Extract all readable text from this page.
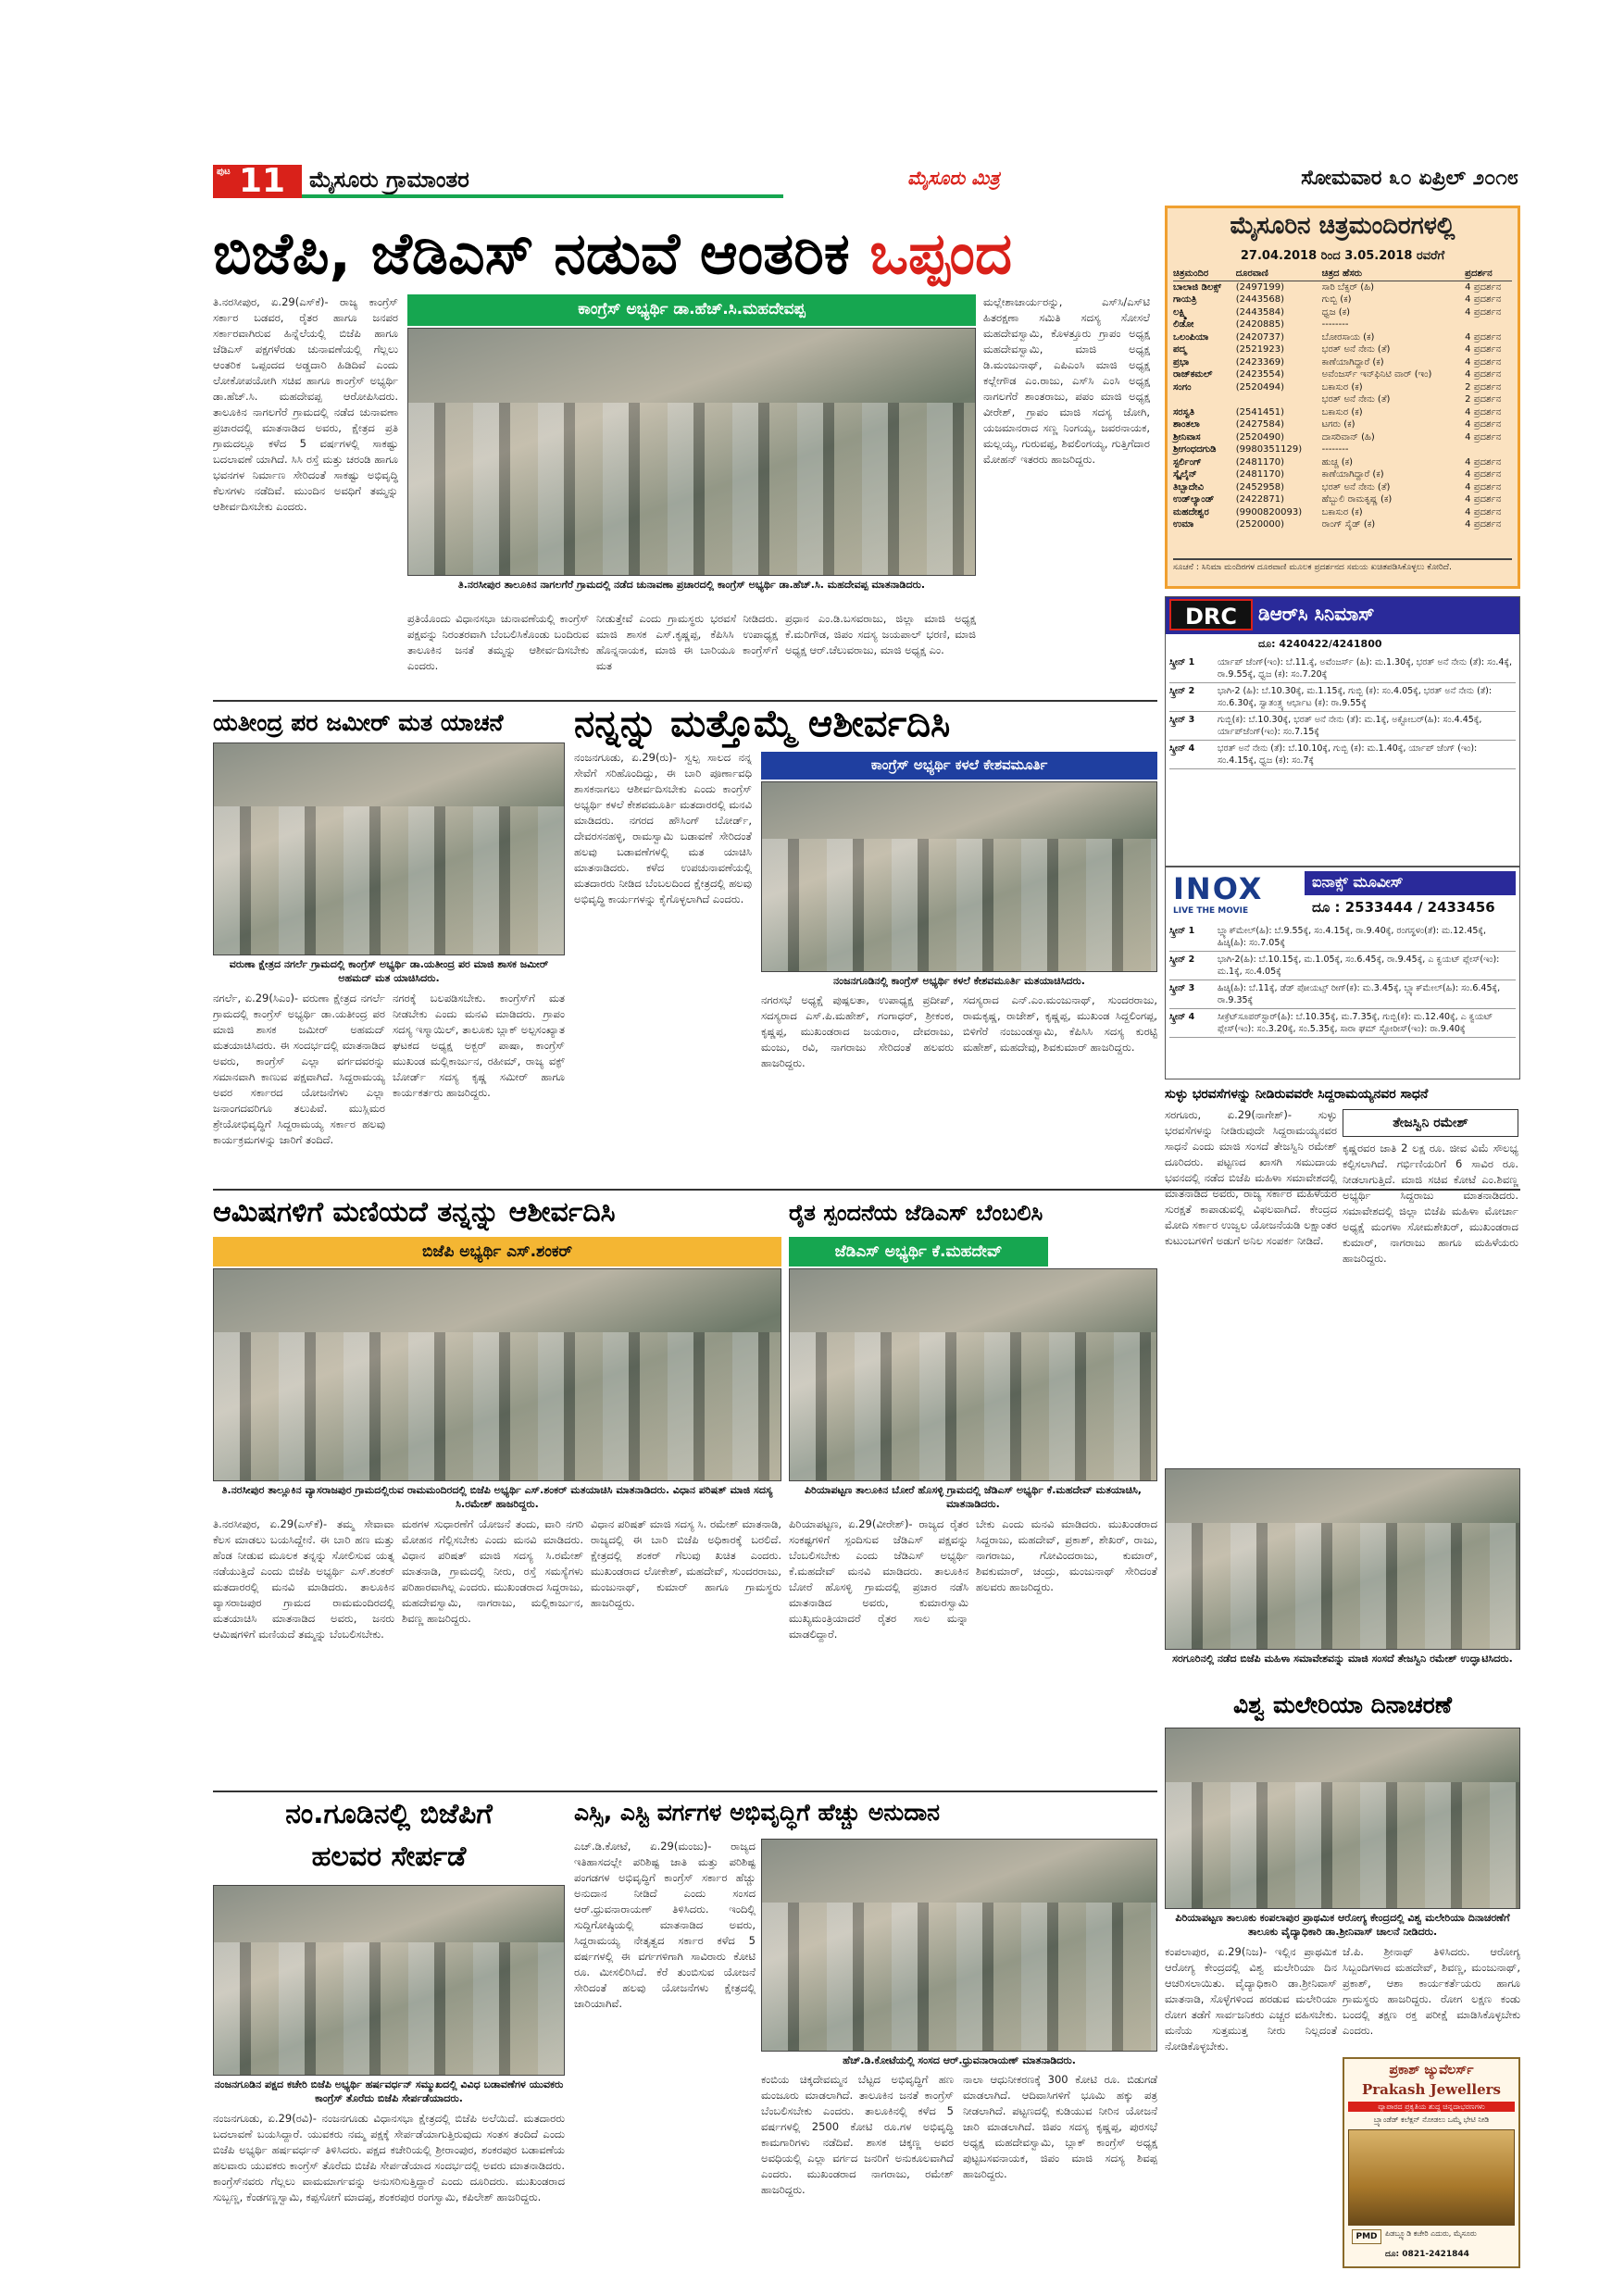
ಪುಟ 11 ಮೈಸೂರು ಗ್ರಾಮಾಂತರ	ಮೈಸೂರು ಮಿತ್ರ	ಸೋಮವಾರ ೩೦ ಏಪ್ರಿಲ್ ೨೦೧೮
ಬಿಜೆಪಿ, ಜೆಡಿಎಸ್ ನಡುವೆ ಆಂತರಿಕ ಒಪ್ಪಂದ
ತಿ.ನರಸೀಪುರ, ಏ.29(ಎಸ್‌ಕೆ)- ರಾಜ್ಯ ಕಾಂಗ್ರೆಸ್ ಸರ್ಕಾರ ಬಡವರ, ರೈತರ ಹಾಗೂ ಜನಪರ ಸರ್ಕಾರವಾಗಿರುವ ಹಿನ್ನೆಲೆಯಲ್ಲಿ ಬಿಜೆಪಿ ಹಾಗೂ ಜೆಡಿಎಸ್ ಪಕ್ಷಗಳೆರಡು ಚುನಾವಣೆಯಲ್ಲಿ ಗೆಲ್ಲಲು ಆಂತರಿಕ ಒಪ್ಪಂದದ ಅಡ್ಡದಾರಿ ಹಿಡಿದಿವೆ ಎಂದು ಲೋಕೋಪಯೋಗಿ ಸಚಿವ ಹಾಗೂ ಕಾಂಗ್ರೆಸ್ ಅಭ್ಯರ್ಥಿ ಡಾ.ಹೆಚ್.ಸಿ. ಮಹದೇವಪ್ಪ ಆರೋಪಿಸಿದರು. ತಾಲೂಕಿನ ನಾಗಲಗೆರೆ ಗ್ರಾಮದಲ್ಲಿ ನಡೆದ ಚುನಾವಣಾ ಪ್ರಚಾರದಲ್ಲಿ ಮಾತನಾಡಿದ ಅವರು, ಕ್ಷೇತ್ರದ ಪ್ರತಿ ಗ್ರಾಮದಲ್ಲೂ ಕಳೆದ 5 ವರ್ಷಗಳಲ್ಲಿ ಸಾಕಷ್ಟು ಬದಲಾವಣೆ ಯಾಗಿದೆ. ಸಿಸಿ ರಸ್ತೆ ಮತ್ತು ಚರಂಡಿ ಹಾಗೂ ಭವನಗಳ ನಿರ್ಮಾಣ ಸೇರಿದಂತೆ ಸಾಕಷ್ಟು ಅಭಿವೃದ್ಧಿ ಕೆಲಸಗಳು ನಡೆದಿವೆ. ಮುಂದಿನ ಅವಧಿಗೆ ತಮ್ಮನ್ನು ಆಶೀರ್ವದಿಸಬೇಕು ಎಂದರು.
ಕಾಂಗ್ರೆಸ್ ಅಭ್ಯರ್ಥಿ ಡಾ.ಹೆಚ್.ಸಿ.ಮಹದೇವಪ್ಪ
ತಿ.ನರಸೀಪುರ ತಾಲೂಕಿನ ನಾಗಲಗೆರೆ ಗ್ರಾಮದಲ್ಲಿ ನಡೆದ ಚುನಾವಣಾ ಪ್ರಚಾರದಲ್ಲಿ ಕಾಂಗ್ರೆಸ್ ಅಭ್ಯರ್ಥಿ ಡಾ.ಹೆಚ್.ಸಿ. ಮಹದೇವಪ್ಪ ಮಾತನಾಡಿದರು.
ಮಲ್ಲೇಶಾಚಾರ್ಯರನ್ನು, ಎಸ್‌ಸಿ/ಎಸ್‌ಟಿ ಹಿತರಕ್ಷಣಾ ಸಮಿತಿ ಸದಸ್ಯ ಸೋಸಲೆ ಮಹದೇವಸ್ವಾಮಿ, ಕೊಳತ್ತೂರು ಗ್ರಾಪಂ ಅಧ್ಯಕ್ಷ ಮಹದೇವಸ್ವಾಮಿ, ಮಾಜಿ ಅಧ್ಯಕ್ಷ ಡಿ.ಮಂಜುನಾಥ್, ಎಪಿಎಂಸಿ ಮಾಜಿ ಅಧ್ಯಕ್ಷ ಕಲ್ಲೇಗೌಡ ಎಂ.ರಾಜು, ಎಸ್‌ಸಿ ಎಂಸಿ ಅಧ್ಯಕ್ಷ ನಾಗಲಗೆರೆ ಶಾಂತರಾಜು, ಪಪಂ ಮಾಜಿ ಅಧ್ಯಕ್ಷ ವೀರೇಶ್, ಗ್ರಾಪಂ ಮಾಜಿ ಸದಸ್ಯ ಜೋಗಿ, ಯಜಮಾನರಾದ ಸಣ್ಣ ನಿಂಗಯ್ಯ, ಜವರನಾಯಕ, ಮಲ್ಲಯ್ಯ, ಗುರುವಪ್ಪ, ಶಿವಲಿಂಗಯ್ಯ, ಗುತ್ತಿಗೆದಾರ ಮೋಹನ್ ಇತರರು ಹಾಜರಿದ್ದರು.
ಪ್ರತಿಯೊಂದು ವಿಧಾನಸಭಾ ಚುನಾವಣೆಯಲ್ಲಿ ಕಾಂಗ್ರೆಸ್ ಪಕ್ಷವನ್ನು ನಿರಂತರವಾಗಿ ಬೆಂಬಲಿಸಿಕೊಂಡು ಬಂದಿರುವ ತಾಲೂಕಿನ ಜನತೆ ತಮ್ಮನ್ನು ಆಶೀರ್ವದಿಸಬೇಕು ಎಂದರು.
ನೀಡುತ್ತೇವೆ ಎಂದು ಗ್ರಾಮಸ್ಥರು ಭರವಸೆ ನೀಡಿದರು. ಮಾಜಿ ಶಾಸಕ ಎಸ್.ಕೃಷ್ಣಪ್ಪ, ಕೆಪಿಸಿಸಿ ಉಪಾಧ್ಯಕ್ಷ ಹೊನ್ನನಾಯಕ, ಮಾಜಿ ಈ ಬಾರಿಯೂ ಕಾಂಗ್ರೆಸ್‌ಗೆ ಮತ
ಪ್ರಧಾನ ಎಂ.ಡಿ.ಬಸವರಾಜು, ಜಿಲ್ಲಾ ಮಾಜಿ ಅಧ್ಯಕ್ಷ ಕೆ.ಮರಿಗೌಡ, ಜಿಪಂ ಸದಸ್ಯ ಜಯಪಾಲ್ ಭರಣಿ, ಮಾಜಿ ಅಧ್ಯಕ್ಷ ಆರ್.ಚೆಲುವರಾಜು, ಮಾಜಿ ಅಧ್ಯಕ್ಷ ಎಂ.
ಮೈಸೂರಿನ ಚಿತ್ರಮಂದಿರಗಳಲ್ಲಿ
27.04.2018 ರಿಂದ 3.05.2018 ರವರೆಗೆ
ಚಿತ್ರಮಂದಿರ	ದೂರವಾಣಿ	ಚಿತ್ರದ ಹೆಸರು	ಪ್ರದರ್ಶನ
ಬಾಲಾಜಿ ಡಿಲಕ್ಸ್	(2497199)	ಸಾರಿ ಬೆಕ್ಸರ್ (ಹಿ)	4 ಪ್ರದರ್ಶನ
ಗಾಯತ್ರಿ	(2443568)	ಗುಬ್ಬಿ (ಕ)	4 ಪ್ರದರ್ಶನ
ಲಕ್ಷ್ಮಿ	(2443584)	ಧ್ವಜ (ಕ)	4 ಪ್ರದರ್ಶನ
ಲಿಡೋ	(2420885)	--------	
ಒಲಂಪಿಯಾ	(2420737)	ಬೋರಸಾಯ (ಕ)	4 ಪ್ರದರ್ಶನ
ಪದ್ಮ	(2521923)	ಭರತ್ ಅನೆ ನೇನು (ತೆ)	4 ಪ್ರದರ್ಶನ
ಪ್ರಭಾ	(2423369)	ಕಾಣೆಯಾಗಿದ್ದಾರೆ (ಕ)	4 ಪ್ರದರ್ಶನ
ರಾಜ್‌ಕಮಲ್	(2423554)	ಅವೆಂಜರ್ಸ್ ಇನ್‌ಫಿನಿಟಿ ವಾರ್ (ಇಂ)	4 ಪ್ರದರ್ಶನ
ಸಂಗಂ	(2520494)	ಬಕಾಸುರ (ಕ)	2 ಪ್ರದರ್ಶನ
		ಭರತ್ ಅನೆ ನೇನು (ತೆ)	2 ಪ್ರದರ್ಶನ
ಸರಸ್ವತಿ	(2541451)	ಬಕಾಸುರ (ಕ)	4 ಪ್ರದರ್ಶನ
ಶಾಂತಲಾ	(2427584)	ಟಗರು (ಕ)	4 ಪ್ರದರ್ಶನ
ಶ್ರೀನಿವಾಸ	(2520490)	ದಾಸರಿವಾನ್ (ಹಿ)	4 ಪ್ರದರ್ಶನ
ಶ್ರೀಗಂಧದಗುಡಿ	(9980351129)	--------	
ಸ್ಟರ್ಲಿಂಗ್	(2481170)	ಹುಚ್ಚ (ಕ)	4 ಪ್ರದರ್ಶನ
ಸ್ಕೈಲೈನ್	(2481170)	ಕಾಣೆಯಾಗಿದ್ದಾರೆ (ಕ)	4 ಪ್ರದರ್ಶನ
ತಿಬ್ಬಾದೇವಿ	(2452958)	ಭರತ್ ಅನೆ ನೇನು (ತೆ)	4 ಪ್ರದರ್ಶನ
ಉಡ್‌ಲ್ಯಾಂಡ್	(2422871)	ಹೆಬ್ಬುಲಿ ರಾಮಕೃಷ್ಣ (ಕ)	4 ಪ್ರದರ್ಶನ
ಮಹದೇಶ್ವರ	(9900820093)	ಬಕಾಸುರ (ಕ)	4 ಪ್ರದರ್ಶನ
ಉಮಾ	(2520000)	ರಾಂಗ್ ಸೈಡ್ (ಕ)	4 ಪ್ರದರ್ಶನ
ಸೂಚನೆ : ಸಿನಿಮಾ ಮಂದಿರಗಳ ದೂರವಾಣಿ ಮೂಲಕ ಪ್ರದರ್ಶನದ ಸಮಯ ಖಚಿತಪಡಿಸಿಕೊಳ್ಳಲು ಕೋರಿದೆ.
DRC	ಡಿಆರ್‌ಸಿ ಸಿನಿಮಾಸ್
ದೂ: 4240422/4241800
ಸ್ಕ್ರೀನ್ 1	ರ್ಯಾಪ್ ಜೆಂಗ್(ಇಂ): ಬೆ.11.ಕ್ಕೆ, ಅವೆಂಜರ್ಸ್ (ಹಿ): ಮ.1.30ಕ್ಕೆ, ಭರತ್ ಅನೆ ನೇನು (ತೆ): ಸಂ.4ಕ್ಕೆ, ರಾ.9.55ಕ್ಕೆ, ಧ್ವಜ (ಕ): ಸಂ.7.20ಕ್ಕೆ
ಸ್ಕ್ರೀನ್ 2	ಭಾಗಿ-2 (ಹಿ): ಬೆ.10.30ಕ್ಕೆ, ಮ.1.15ಕ್ಕೆ, ಗುಬ್ಬಿ (ಕ): ಸಂ.4.05ಕ್ಕೆ, ಭರತ್ ಅನೆ ನೇನು (ತೆ): ಸಂ.6.30ಕ್ಕೆ, ಸ್ವಾತಂತ್ರ್ಯ ಆರ್ಭಾಟ (ಕ): ರಾ.9.55ಕ್ಕೆ
ಸ್ಕ್ರೀನ್ 3	ಗುಬ್ಬಿ(ಕ): ಬೆ.10.30ಕ್ಕೆ, ಭರತ್ ಅನೆ ನೇನು (ತೆ): ಮ.1ಕ್ಕೆ, ಅಕ್ಟೋಬರ್(ಹಿ): ಸಂ.4.45ಕ್ಕೆ, ರ್ಯಾಪ್‌ಜೆಂಗ್(ಇಂ): ಸಂ.7.15ಕ್ಕೆ
ಸ್ಕ್ರೀನ್ 4	ಭರತ್ ಅನೆ ನೇನು (ತೆ): ಬೆ.10.10ಕ್ಕೆ, ಗುಬ್ಬಿ (ಕ): ಮ.1.40ಕ್ಕೆ, ರ್ಯಾಪ್ ಜೆಂಗ್ (ಇಂ): ಸಂ.4.15ಕ್ಕೆ, ಧ್ವಜ (ಕ): ಸಂ.7ಕ್ಕೆ
INOX
LIVE THE MOVIE
ಐನಾಕ್ಸ್ ಮೂವೀಸ್
ದೂ : 2533444 / 2433456
ಸ್ಕ್ರೀನ್ 1	ಬ್ಲ್ಯಾಕ್‌ಮೇಲ್(ಹಿ): ಬೆ.9.55ಕ್ಕೆ, ಸಂ.4.15ಕ್ಕೆ, ರಾ.9.40ಕ್ಕೆ, ರಂಗಸ್ಥಳಂ(ತೆ): ಮ.12.45ಕ್ಕೆ, ಹಿಚ್ಕಿ(ಹಿ): ಸಂ.7.05ಕ್ಕೆ
ಸ್ಕ್ರೀನ್ 2	ಭಾಗಿ-2(ಹಿ): ಬೆ.10.15ಕ್ಕೆ, ಮ.1.05ಕ್ಕೆ, ಸಂ.6.45ಕ್ಕೆ, ರಾ.9.45ಕ್ಕೆ, ಎ ಕ್ವಯಟ್ ಪ್ಲೇಸ್(ಇಂ): ಮ.1ಕ್ಕೆ, ಸಂ.4.05ಕ್ಕೆ
ಸ್ಕ್ರೀನ್ 3	ಹಿಚ್ಕಿ(ಹಿ): ಬೆ.11ಕ್ಕೆ, ಡೆಡ್ ಪೋಯಟ್ಸ್ ರೀಗ್(ಕ): ಮ.3.45ಕ್ಕೆ, ಬ್ಲ್ಯಾಕ್‌ಮೇಲ್(ಹಿ): ಸಂ.6.45ಕ್ಕೆ, ರಾ.9.35ಕ್ಕೆ
ಸ್ಕ್ರೀನ್ 4	ಸೀಕ್ರೆಟ್‌ಸೂಪರ್‌ಸ್ಟಾರ್(ಹಿ): ಬೆ.10.35ಕ್ಕೆ, ಮ.7.35ಕ್ಕೆ, ಗುಬ್ಬಿ(ಕ): ಮ.12.40ಕ್ಕೆ, ಎ ಕ್ವಯಟ್ ಪ್ಲೇಸ್(ಇಂ): ಸಂ.3.20ಕ್ಕೆ, ಸಂ.5.35ಕ್ಕೆ, ಸಾರಾ ಘಮ್ ಸ್ಟೋರೀಸ್(ಇಂ): ರಾ.9.40ಕ್ಕೆ
ಯತೀಂದ್ರ ಪರ ಜಮೀರ್ ಮತ ಯಾಚನೆ
ವರುಣಾ ಕ್ಷೇತ್ರದ ನಗರ್ಲೆ ಗ್ರಾಮದಲ್ಲಿ ಕಾಂಗ್ರೆಸ್ ಅಭ್ಯರ್ಥಿ ಡಾ.ಯತೀಂದ್ರ ಪರ ಮಾಜಿ ಶಾಸಕ ಜಮೀರ್ ಅಹಮದ್ ಮತ ಯಾಚಿಸಿದರು.
ನಗರ್ಲೆ, ಏ.29(ಸಿಎಂ)- ವರುಣಾ ಕ್ಷೇತ್ರದ ನಗರ್ಲೆ ಗ್ರಾಮದಲ್ಲಿ ಕಾಂಗ್ರೆಸ್ ಅಭ್ಯರ್ಥಿ ಡಾ.ಯತೀಂದ್ರ ಪರ ಮಾಜಿ ಶಾಸಕ ಜಮೀರ್ ಅಹಮದ್ ಮತಯಾಚಿಸಿದರು. ಈ ಸಂದರ್ಭದಲ್ಲಿ ಮಾತನಾಡಿದ ಅವರು, ಕಾಂಗ್ರೆಸ್ ಎಲ್ಲಾ ವರ್ಗದವರನ್ನು ಸಮಾನವಾಗಿ ಕಾಣುವ ಪಕ್ಷವಾಗಿದೆ. ಸಿದ್ದರಾಮಯ್ಯ ಅವರ ಸರ್ಕಾರದ ಯೋಜನೆಗಳು ಎಲ್ಲಾ ಜನಾಂಗದವರಿಗೂ ತಲುಪಿವೆ. ಮುಸ್ಲಿಮರ ಶ್ರೇಯೋಭಿವೃದ್ಧಿಗೆ ಸಿದ್ದರಾಮಯ್ಯ ಸರ್ಕಾರ ಹಲವು ಕಾರ್ಯಕ್ರಮಗಳನ್ನು ಜಾರಿಗೆ ತಂದಿದೆ.
ನಗರಕ್ಕೆ ಬಲಪಡಿಸಬೇಕು. ಕಾಂಗ್ರೆಸ್‌ಗೆ ಮತ ನೀಡಬೇಕು ಎಂದು ಮನವಿ ಮಾಡಿದರು. ಗ್ರಾಪಂ ಸದಸ್ಯ ಇಸ್ಮಾಯಿಲ್, ತಾಲೂಕು ಬ್ಲಾಕ್ ಅಲ್ಪಸಂಖ್ಯಾತ ಘಟಕದ ಅಧ್ಯಕ್ಷ ಅಕ್ಬರ್ ಪಾಷಾ, ಕಾಂಗ್ರೆಸ್ ಮುಖಂಡ ಮಲ್ಲಿಕಾರ್ಜುನ, ರಹೀಮ್, ರಾಜ್ಯ ವಕ್ಫ್ ಬೋರ್ಡ್ ಸದಸ್ಯ ಕೃಷ್ಣ ಸಮೀರ್ ಹಾಗೂ ಕಾರ್ಯಕರ್ತರು ಹಾಜರಿದ್ದರು.
ನನ್ನನ್ನು ಮತ್ತೊಮ್ಮೆ ಆಶೀರ್ವದಿಸಿ
ನಂಜನಗೂಡು, ಏ.29(ರು)- ಸ್ವಲ್ಪ ಸಾಲದ ನನ್ನ ಸೇವೆಗೆ ಸರಿಹೊಂದಿದ್ದು, ಈ ಬಾರಿ ಪೂರ್ಣಾವಧಿ ಶಾಸಕನಾಗಲು ಆಶೀರ್ವದಿಸಬೇಕು ಎಂದು ಕಾಂಗ್ರೆಸ್ ಅಭ್ಯರ್ಥಿ ಕಳಲೆ ಕೇಶವಮೂರ್ತಿ ಮತದಾರರಲ್ಲಿ ಮನವಿ ಮಾಡಿದರು. ನಗರದ ಹೌಸಿಂಗ್ ಬೋರ್ಡ್, ದೇವರಸನಹಳ್ಳಿ, ರಾಮಸ್ವಾಮಿ ಬಡಾವಣೆ ಸೇರಿದಂತೆ ಹಲವು ಬಡಾವಣೆಗಳಲ್ಲಿ ಮತ ಯಾಚಿಸಿ ಮಾತನಾಡಿದರು. ಕಳೆದ ಉಪಚುನಾವಣೆಯಲ್ಲಿ ಮತದಾರರು ನೀಡಿದ ಬೆಂಬಲದಿಂದ ಕ್ಷೇತ್ರದಲ್ಲಿ ಹಲವು ಅಭಿವೃದ್ಧಿ ಕಾರ್ಯಗಳನ್ನು ಕೈಗೊಳ್ಳಲಾಗಿದೆ ಎಂದರು.
ಕಾಂಗ್ರೆಸ್ ಅಭ್ಯರ್ಥಿ ಕಳಲೆ ಕೇಶವಮೂರ್ತಿ
ನಂಜನಗೂಡಿನಲ್ಲಿ ಕಾಂಗ್ರೆಸ್ ಅಭ್ಯರ್ಥಿ ಕಳಲೆ ಕೇಶವಮೂರ್ತಿ ಮತಯಾಚಿಸಿದರು.
ನಗರಸಭೆ ಅಧ್ಯಕ್ಷೆ ಪುಷ್ಪಲತಾ, ಉಪಾಧ್ಯಕ್ಷ ಪ್ರದೀಪ್, ಸದಸ್ಯರಾದ ಎಸ್.ಪಿ.ಮಹೇಶ್, ಗಂಗಾಧರ್, ಶ್ರೀಕಂಠ, ಕೃಷ್ಣಪ್ಪ, ಮುಖಂಡರಾದ ಜಯರಾಂ, ದೇವರಾಜು, ಮಂಜು, ರವಿ, ನಾಗರಾಜು ಸೇರಿದಂತೆ ಹಲವರು ಹಾಜರಿದ್ದರು.
ಸದಸ್ಯರಾದ ಎನ್.ಎಂ.ಮಂಜುನಾಥ್, ಸುಂದರರಾಜು, ರಾಮಕೃಷ್ಣ, ರಾಜೇಶ್, ಕೃಷ್ಣಪ್ಪ, ಮುಖಂಡ ಸಿದ್ದಲಿಂಗಪ್ಪ, ಬಿಳಿಗೆರೆ ನಂಜುಂಡಸ್ವಾಮಿ, ಕೆಪಿಸಿಸಿ ಸದಸ್ಯ ಕುರಟ್ಟಿ ಮಹೇಶ್, ಮಹದೇವು, ಶಿವಕುಮಾರ್ ಹಾಜರಿದ್ದರು.
ಆಮಿಷಗಳಿಗೆ ಮಣಿಯದೆ ತನ್ನನ್ನು ಆಶೀರ್ವದಿಸಿ
ಬಿಜೆಪಿ ಅಭ್ಯರ್ಥಿ ಎಸ್.ಶಂಕರ್
ತಿ.ನರಸೀಪುರ ತಾಲ್ಲೂಕಿನ ವ್ಯಾಸರಾಜಪುರ ಗ್ರಾಮದಲ್ಲಿರುವ ರಾಮಮಂದಿರದಲ್ಲಿ ಬಿಜೆಪಿ ಅಭ್ಯರ್ಥಿ ಎಸ್.ಶಂಕರ್ ಮತಯಾಚಿಸಿ ಮಾತನಾಡಿದರು. ವಿಧಾನ ಪರಿಷತ್ ಮಾಜಿ ಸದಸ್ಯ ಸಿ.ರಮೇಶ್ ಹಾಜರಿದ್ದರು.
ತಿ.ನರಸೀಪುರ, ಏ.29(ಎಸ್‌ಕೆ)- ತಮ್ಮ ಸೇವಾವಾ ಕೆಲಸ ಮಾಡಲು ಬಯಸಿದ್ದೇನೆ. ಈ ಬಾರಿ ಹಣ ಮತ್ತು ಹೆಂಡ ನೀಡುವ ಮೂಲಕ ತನ್ನನ್ನು ಸೋಲಿಸುವ ಯತ್ನ ನಡೆಯುತ್ತಿದೆ ಎಂದು ಬಿಜೆಪಿ ಅಭ್ಯರ್ಥಿ ಎಸ್.ಶಂಕರ್ ಮತದಾರರಲ್ಲಿ ಮನವಿ ಮಾಡಿದರು. ತಾಲೂಕಿನ ವ್ಯಾಸರಾಜಪುರ ಗ್ರಾಮದ ರಾಮಮಂದಿರದಲ್ಲಿ ಮತಯಾಚಿಸಿ ಮಾತನಾಡಿದ ಅವರು, ಜನರು ಆಮಿಷಗಳಿಗೆ ಮಣಿಯದೆ ತಮ್ಮನ್ನು ಬೆಂಬಲಿಸಬೇಕು.
ಮಠಗಳ ಸುಧಾರಣೆಗೆ ಯೋಜನೆ ತಂದು, ವಾರಿ ನಗರಿ ಮೋಹನ ಗೆಲ್ಲಿಸಬೇಕು ಎಂದು ಮನವಿ ಮಾಡಿದರು. ವಿಧಾನ ಪರಿಷತ್ ಮಾಜಿ ಸದಸ್ಯ ಸಿ.ರಮೇಶ್ ಮಾತನಾಡಿ, ಗ್ರಾಮದಲ್ಲಿ ನೀರು, ರಸ್ತೆ ಸಮಸ್ಯೆಗಳು ಪರಿಹಾರವಾಗಿಲ್ಲ ಎಂದರು. ಮುಖಂಡರಾದ ಸಿದ್ದರಾಜು, ಮಹದೇವಸ್ವಾಮಿ, ನಾಗರಾಜು, ಮಲ್ಲಿಕಾರ್ಜುನ, ಶಿವಣ್ಣ ಹಾಜರಿದ್ದರು.
ವಿಧಾನ ಪರಿಷತ್ ಮಾಜಿ ಸದಸ್ಯ ಸಿ. ರಮೇಶ್ ಮಾತನಾಡಿ, ರಾಜ್ಯದಲ್ಲಿ ಈ ಬಾರಿ ಬಿಜೆಪಿ ಅಧಿಕಾರಕ್ಕೆ ಬರಲಿದೆ. ಕ್ಷೇತ್ರದಲ್ಲಿ ಶಂಕರ್ ಗೆಲುವು ಖಚಿತ ಎಂದರು. ಮುಖಂಡರಾದ ಲೋಕೇಶ್, ಮಹದೇವ್, ಸುಂದರರಾಜು, ಮಂಜುನಾಥ್, ಕುಮಾರ್ ಹಾಗೂ ಗ್ರಾಮಸ್ಥರು ಹಾಜರಿದ್ದರು.
ರೈತ ಸ್ಪಂದನೆಯ ಜೆಡಿಎಸ್ ಬೆಂಬಲಿಸಿ
ಜೆಡಿಎಸ್ ಅಭ್ಯರ್ಥಿ ಕೆ.ಮಹದೇವ್
ಪಿರಿಯಾಪಟ್ಟಣ ತಾಲೂಕಿನ ಬೋರೆ ಹೊಸಳ್ಳಿ ಗ್ರಾಮದಲ್ಲಿ ಜೆಡಿಎಸ್ ಅಭ್ಯರ್ಥಿ ಕೆ.ಮಹದೇವ್ ಮತಯಾಚಿಸಿ, ಮಾತನಾಡಿದರು.
ಪಿರಿಯಾಪಟ್ಟಣ, ಏ.29(ವೀರೇಶ್)- ರಾಜ್ಯದ ರೈತರ ಸಂಕಷ್ಟಗಳಿಗೆ ಸ್ಪಂದಿಸುವ ಜೆಡಿಎಸ್ ಪಕ್ಷವನ್ನು ಬೆಂಬಲಿಸಬೇಕು ಎಂದು ಜೆಡಿಎಸ್ ಅಭ್ಯರ್ಥಿ ಕೆ.ಮಹದೇವ್ ಮನವಿ ಮಾಡಿದರು. ತಾಲೂಕಿನ ಬೋರೆ ಹೊಸಳ್ಳಿ ಗ್ರಾಮದಲ್ಲಿ ಪ್ರಚಾರ ನಡೆಸಿ ಮಾತನಾಡಿದ ಅವರು, ಕುಮಾರಸ್ವಾಮಿ ಮುಖ್ಯಮಂತ್ರಿಯಾದರೆ ರೈತರ ಸಾಲ ಮನ್ನಾ ಮಾಡಲಿದ್ದಾರೆ.
ಬೇಕು ಎಂದು ಮನವಿ ಮಾಡಿದರು. ಮುಖಂಡರಾದ ಸಿದ್ದರಾಜು, ಮಹದೇವ್, ಪ್ರಕಾಶ್, ಶೇಖರ್, ರಾಜು, ನಾಗರಾಜು, ಗೋವಿಂದರಾಜು, ಕುಮಾರ್, ಶಿವಕುಮಾರ್, ಚಂದ್ರು, ಮಂಜುನಾಥ್ ಸೇರಿದಂತೆ ಹಲವರು ಹಾಜರಿದ್ದರು.
ಸುಳ್ಳು ಭರವಸೆಗಳನ್ನು ನೀಡಿರುವವರೇ ಸಿದ್ದರಾಮಯ್ಯನವರ ಸಾಧನೆ
ತೇಜಸ್ವಿನಿ ರಮೇಶ್
ಸರಗೂರು, ಏ.29(ನಾಗೇಶ್)- ಸುಳ್ಳು ಭರವಸೆಗಳನ್ನು ನೀಡಿರುವುದೇ ಸಿದ್ದರಾಮಯ್ಯನವರ ಸಾಧನೆ ಎಂದು ಮಾಜಿ ಸಂಸದೆ ತೇಜಸ್ವಿನಿ ರಮೇಶ್ ದೂರಿದರು. ಪಟ್ಟಣದ ಖಾಸಗಿ ಸಮುದಾಯ ಭವನದಲ್ಲಿ ನಡೆದ ಬಿಜೆಪಿ ಮಹಿಳಾ ಸಮಾವೇಶದಲ್ಲಿ ಮಾತನಾಡಿದ ಅವರು, ರಾಜ್ಯ ಸರ್ಕಾರ ಮಹಿಳೆಯರ ಸುರಕ್ಷತೆ ಕಾಪಾಡುವಲ್ಲಿ ವಿಫಲವಾಗಿದೆ. ಕೇಂದ್ರದ ಮೋದಿ ಸರ್ಕಾರ ಉಜ್ವಲ ಯೋಜನೆಯಡಿ ಲಕ್ಷಾಂತರ ಕುಟುಂಬಗಳಿಗೆ ಅಡುಗೆ ಅನಿಲ ಸಂಪರ್ಕ ನೀಡಿದೆ.
ಕೃಷ್ಣರವರ ಜಾತಿ 2 ಲಕ್ಷ ರೂ. ಜೀವ ವಿಮೆ ಸೌಲಭ್ಯ ಕಲ್ಪಿಸಲಾಗಿದೆ. ಗರ್ಭಿಣಿಯರಿಗೆ 6 ಸಾವಿರ ರೂ. ನೀಡಲಾಗುತ್ತಿದೆ. ಮಾಜಿ ಸಚಿವ ಕೋಟೆ ಎಂ.ಶಿವಣ್ಣ ಅಭ್ಯರ್ಥಿ ಸಿದ್ದರಾಜು ಮಾತನಾಡಿದರು. ಸಮಾವೇಶದಲ್ಲಿ ಜಿಲ್ಲಾ ಬಿಜೆಪಿ ಮಹಿಳಾ ಮೋರ್ಚಾ ಅಧ್ಯಕ್ಷೆ ಮಂಗಳಾ ಸೋಮಶೇಖರ್, ಮುಖಂಡರಾದ ಕುಮಾರ್, ನಾಗರಾಜು ಹಾಗೂ ಮಹಿಳೆಯರು ಹಾಜರಿದ್ದರು.
ಸರಗೂರಿನಲ್ಲಿ ನಡೆದ ಬಿಜೆಪಿ ಮಹಿಳಾ ಸಮಾವೇಶವನ್ನು ಮಾಜಿ ಸಂಸದೆ ತೇಜಸ್ವಿನಿ ರಮೇಶ್ ಉದ್ಘಾಟಿಸಿದರು.
ನಂ.ಗೂಡಿನಲ್ಲಿ ಬಿಜೆಪಿಗೆ
ಹಲವರ ಸೇರ್ಪಡೆ
ನಂಜನಗೂಡಿನ ಪಕ್ಷದ ಕಚೇರಿ ಬಿಜೆಪಿ ಅಭ್ಯರ್ಥಿ ಹರ್ಷವರ್ಧನ್ ಸಮ್ಮುಖದಲ್ಲಿ ವಿವಿಧ ಬಡಾವಣೆಗಳ ಯುವಕರು ಕಾಂಗ್ರೆಸ್ ತೊರೆದು ಬಿಜೆಪಿ ಸೇರ್ಪಡೆಯಾದರು.
ನಂಜನಗೂಡು, ಏ.29(ರವಿ)- ನಂಜನಗೂಡು ವಿಧಾನಸಭಾ ಕ್ಷೇತ್ರದಲ್ಲಿ ಬಿಜೆಪಿ ಅಲೆಯಿದೆ. ಮತದಾರರು ಬದಲಾವಣೆ ಬಯಸಿದ್ದಾರೆ. ಯುವಕರು ನಮ್ಮ ಪಕ್ಷಕ್ಕೆ ಸೇರ್ಪಡೆಯಾಗುತ್ತಿರುವುದು ಸಂತಸ ತಂದಿದೆ ಎಂದು ಬಿಜೆಪಿ ಅಭ್ಯರ್ಥಿ ಹರ್ಷವರ್ಧನ್ ತಿಳಿಸಿದರು. ಪಕ್ಷದ ಕಚೇರಿಯಲ್ಲಿ ಶ್ರೀರಾಂಪುರ, ಶಂಕರಪುರ ಬಡಾವಣೆಯ ಹಲವಾರು ಯುವಕರು ಕಾಂಗ್ರೆಸ್ ತೊರೆದು ಬಿಜೆಪಿ ಸೇರ್ಪಡೆಯಾದ ಸಂದರ್ಭದಲ್ಲಿ ಅವರು ಮಾತನಾಡಿದರು. ಕಾಂಗ್ರೆಸ್‌ನವರು ಗೆಲ್ಲಲು ವಾಮಮಾರ್ಗವನ್ನು ಅನುಸರಿಸುತ್ತಿದ್ದಾರೆ ಎಂದು ದೂರಿದರು. ಮುಖಂಡರಾದ ಸುಬ್ಬಣ್ಣ, ಕೆಂಡಗಣ್ಣಸ್ವಾಮಿ, ಕಪ್ಪಸೋಗೆ ಮಾದಪ್ಪ, ಶಂಕರಪುರ ರಂಗಸ್ವಾಮಿ, ಕಪಿಲೇಶ್ ಹಾಜರಿದ್ದರು.
ಎಸ್ಸಿ, ಎಸ್ಟಿ ವರ್ಗಗಳ ಅಭಿವೃದ್ಧಿಗೆ ಹೆಚ್ಚು ಅನುದಾನ
ಎಚ್.ಡಿ.ಕೋಟೆ, ಏ.29(ಮಂಜು)- ರಾಜ್ಯದ ಇತಿಹಾಸದಲ್ಲೇ ಪರಿಶಿಷ್ಟ ಜಾತಿ ಮತ್ತು ಪರಿಶಿಷ್ಟ ಪಂಗಡಗಳ ಅಭಿವೃದ್ಧಿಗೆ ಕಾಂಗ್ರೆಸ್ ಸರ್ಕಾರ ಹೆಚ್ಚು ಅನುದಾನ ನೀಡಿದೆ ಎಂದು ಸಂಸದ ಆರ್.ಧ್ರುವನಾರಾಯಣ್ ತಿಳಿಸಿದರು. ಇಂದಿಲ್ಲಿ ಸುದ್ದಿಗೋಷ್ಠಿಯಲ್ಲಿ ಮಾತನಾಡಿದ ಅವರು, ಸಿದ್ದರಾಮಯ್ಯ ನೇತೃತ್ವದ ಸರ್ಕಾರ ಕಳೆದ 5 ವರ್ಷಗಳಲ್ಲಿ ಈ ವರ್ಗಗಳಿಗಾಗಿ ಸಾವಿರಾರು ಕೋಟಿ ರೂ. ಮೀಸಲಿರಿಸಿದೆ. ಕೆರೆ ತುಂಬಿಸುವ ಯೋಜನೆ ಸೇರಿದಂತೆ ಹಲವು ಯೋಜನೆಗಳು ಕ್ಷೇತ್ರದಲ್ಲಿ ಜಾರಿಯಾಗಿವೆ.
ಹೆಚ್.ಡಿ.ಕೋಟೆಯಲ್ಲಿ ಸಂಸದ ಆರ್.ಧ್ರುವನಾರಾಯಣ್ ಮಾತನಾಡಿದರು.
ಕಂಬಿಯ ಚಿಕ್ಕದೇವಮ್ಮನ ಬೆಟ್ಟದ ಅಭಿವೃದ್ಧಿಗೆ ಹಣ ಮಂಜೂರು ಮಾಡಲಾಗಿದೆ. ತಾಲೂಕಿನ ಜನತೆ ಕಾಂಗ್ರೆಸ್ ಬೆಂಬಲಿಸಬೇಕು ಎಂದರು. ತಾಲೂಕಿನಲ್ಲಿ ಕಳೆದ 5 ವರ್ಷಗಳಲ್ಲಿ 2500 ಕೋಟಿ ರೂ.ಗಳ ಅಭಿವೃದ್ಧಿ ಕಾಮಗಾರಿಗಳು ನಡೆದಿವೆ. ಶಾಸಕ ಚಿಕ್ಕಣ್ಣ ಅವರ ಅವಧಿಯಲ್ಲಿ ಎಲ್ಲಾ ವರ್ಗದ ಜನರಿಗೆ ಅನುಕೂಲವಾಗಿದೆ ಎಂದರು. ಮುಖಂಡರಾದ ನಾಗರಾಜು, ರಮೇಶ್ ಹಾಜರಿದ್ದರು.
ನಾಲಾ ಆಧುನೀಕರಣಕ್ಕೆ 300 ಕೋಟಿ ರೂ. ಬಿಡುಗಡೆ ಮಾಡಲಾಗಿದೆ. ಆದಿವಾಸಿಗಳಿಗೆ ಭೂಮಿ ಹಕ್ಕು ಪತ್ರ ನೀಡಲಾಗಿದೆ. ಪಟ್ಟಣದಲ್ಲಿ ಕುಡಿಯುವ ನೀರಿನ ಯೋಜನೆ ಜಾರಿ ಮಾಡಲಾಗಿದೆ. ಜಿಪಂ ಸದಸ್ಯ ಕೃಷ್ಣಪ್ಪ, ಪುರಸಭೆ ಅಧ್ಯಕ್ಷ ಮಹದೇವಸ್ವಾಮಿ, ಬ್ಲಾಕ್ ಕಾಂಗ್ರೆಸ್ ಅಧ್ಯಕ್ಷ ಪುಟ್ಟಬಸವನಾಯಕ, ಜಿಪಂ ಮಾಜಿ ಸದಸ್ಯ ಶಿವಪ್ಪ ಹಾಜರಿದ್ದರು.
ವಿಶ್ವ ಮಲೇರಿಯಾ ದಿನಾಚರಣೆ
ಪಿರಿಯಾಪಟ್ಟಣ ತಾಲೂಕು ಕಂಪಲಾಪುರ ಪ್ರಾಥಮಿಕ ಆರೋಗ್ಯ ಕೇಂದ್ರದಲ್ಲಿ ವಿಶ್ವ ಮಲೇರಿಯಾ ದಿನಾಚರಣೆಗೆ ತಾಲೂಕು ವೈದ್ಯಾಧಿಕಾರಿ ಡಾ.ಶ್ರೀನಿವಾಸ್ ಚಾಲನೆ ನೀಡಿದರು.
ಕಂಪಲಾಪುರ, ಏ.29(ನಿಜ)- ಇಲ್ಲಿನ ಪ್ರಾಥಮಿಕ ಆರೋಗ್ಯ ಕೇಂದ್ರದಲ್ಲಿ ವಿಶ್ವ ಮಲೇರಿಯಾ ದಿನ ಆಚರಿಸಲಾಯಿತು. ವೈದ್ಯಾಧಿಕಾರಿ ಡಾ.ಶ್ರೀನಿವಾಸ್ ಮಾತನಾಡಿ, ಸೊಳ್ಳೆಗಳಿಂದ ಹರಡುವ ಮಲೇರಿಯಾ ರೋಗ ತಡೆಗೆ ಸಾರ್ವಜನಿಕರು ಎಚ್ಚರ ವಹಿಸಬೇಕು. ಮನೆಯ ಸುತ್ತಮುತ್ತ ನೀರು ನಿಲ್ಲದಂತೆ ನೋಡಿಕೊಳ್ಳಬೇಕು.
ಜೆ.ಪಿ. ಶ್ರೀನಾಥ್ ತಿಳಿಸಿದರು. ಆರೋಗ್ಯ ಸಿಬ್ಬಂದಿಗಳಾದ ಮಹದೇವ್, ಶಿವಣ್ಣ, ಮಂಜುನಾಥ್, ಪ್ರಕಾಶ್, ಆಶಾ ಕಾರ್ಯಕರ್ತೆಯರು ಹಾಗೂ ಗ್ರಾಮಸ್ಥರು ಹಾಜರಿದ್ದರು. ರೋಗ ಲಕ್ಷಣ ಕಂಡು ಬಂದಲ್ಲಿ ತಕ್ಷಣ ರಕ್ತ ಪರೀಕ್ಷೆ ಮಾಡಿಸಿಕೊಳ್ಳಬೇಕು ಎಂದರು.
ಪ್ರಕಾಶ್ ಜ್ಯುವೆಲರ್ಸ್
Prakash Jewellers
ವ್ಯಾಪಾರದ ಪ್ರಕೃತಿಯ ಶುದ್ಧ ಚಿನ್ನದಾಭರಣಗಳು
ಬ್ರ್ಯಾಂಡೆಡ್ ಕಲೆಕ್ಷನ್ ನೋಡಲು ಒಮ್ಮೆ ಭೇಟಿ ನೀಡಿ
PMD	ಪಿಡಬ್ಲ್ಯೂಡಿ ಕಚೇರಿ ಎದುರು, ಮೈಸೂರು
ದೂ: 0821-2421844
